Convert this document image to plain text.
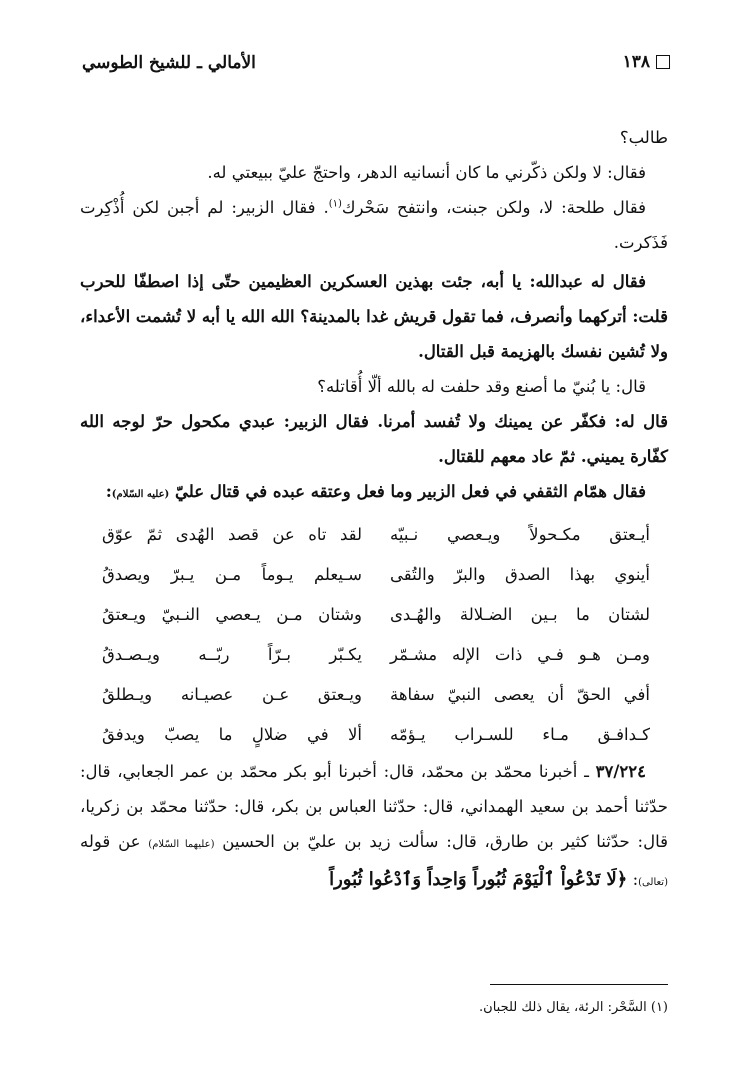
١٣٨
الأمالي ـ للشيخ الطوسي

طالب؟

فقال: لا ولكن ذكّرني ما كان أنسانيه الدهر، واحتجّ عليّ ببيعتي له.

فقال طلحة: لا، ولكن جبنت، وانتفح سَحْرك$^{(١)}$. فقال الزبير: لم أجبن لكن أُذْكِرت فَذَكرت.

فقال له عبدالله: يا أبه، جئت بهذين العسكرين العظيمين حتّى إذا اصطفّا للحرب قلت: أتركهما وأنصرف، فما تقول قريش غدا بالمدينة؟ الله الله يا أبه لا تُشمت الأعداء، ولا تُشين نفسك بالهزيمة قبل القتال.

قال: يا بُنيّ ما أصنع وقد حلفت له بالله ألّا أُقاتله؟

قال له: فكفّر عن يمينك ولا تُفسد أمرنا. فقال الزبير: عبدي مكحول حرّ لوجه الله كفّارة يميني. ثمّ عاد معهم للقتال.

فقال همّام الثقفي في فعل الزبير وما فعل وعتقه عبده في قتال عليّ (عليه السّلام):

أيـعتق مكـحولاً ويـعصي نـبيّه
لقد تاه عن قصد الهُدى ثمّ عوّق
أينوي بهذا الصدق والبرّ والتُقى
سـيعلم يـوماً مـن يـبرّ ويصدقُ
لشتان ما بـين الضـلالة والهُـدى
وشتان مـن يـعصي النـبيّ ويـعتقُ
ومـن هـو فـي ذات الإله مشـمّر
يكـبّر بـرّاً ربّــه ويـصـدقُ
أفي الحقّ أن يعصى النبيّ سفاهة
ويـعتق عـن عصيـانه ويـطلقُ
كـدافـق مـاء للسـراب يـؤمّه
ألا في ضلالٍ ما يصبّ ويدفقُ

٣٧/٢٢٤ ـ أخبرنا محمّد بن محمّد، قال: أخبرنا أبو بكر محمّد بن عمر الجعابي، قال: حدّثنا أحمد بن سعيد الهمداني، قال: حدّثنا العباس بن بكر، قال: حدّثنا محمّد بن زكريا، قال: حدّثنا كثير بن طارق، قال: سألت زيد بن عليّ بن الحسين (عليهما السّلام) عن قوله (تعالى): ﴿لَا تَدْعُواْ ٱلْيَوْمَ ثُبُوراً وَاحِداً وَٱدْعُوا ثُبُوراً

(١) السَّحْر: الرئة، يقال ذلك للجبان.
